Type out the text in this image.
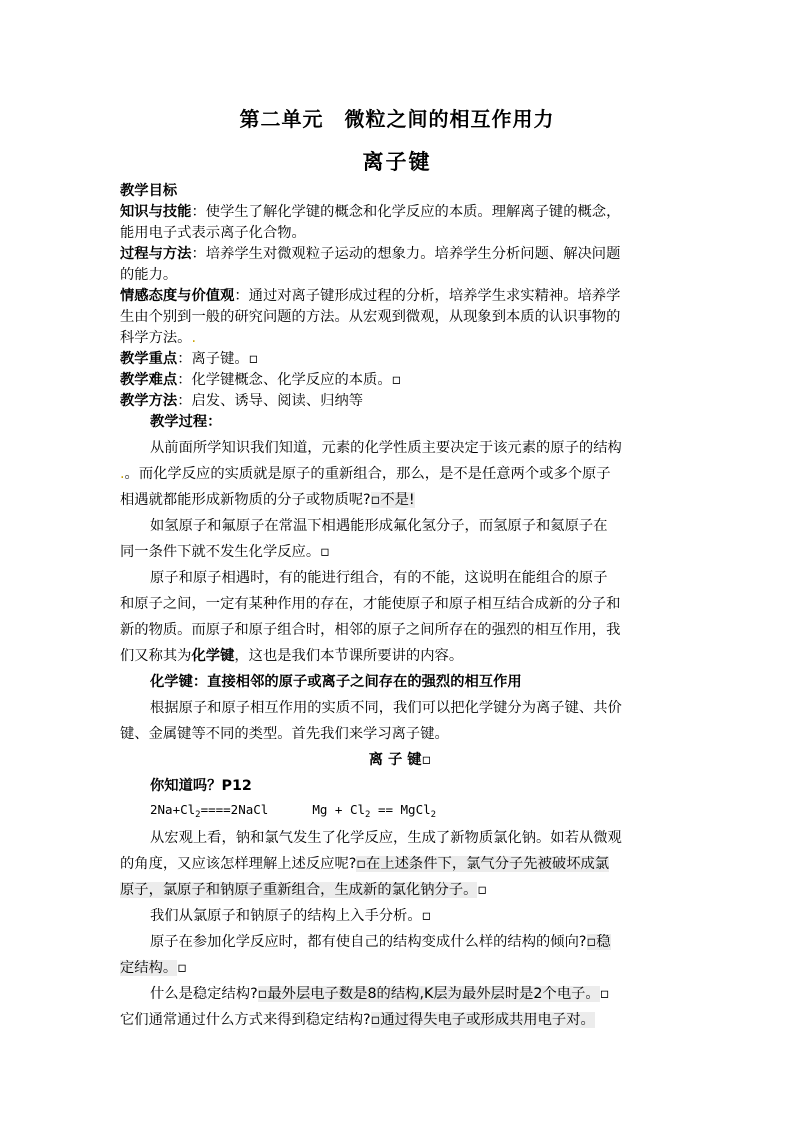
第二单元　微粒之间的相互作用力
离子键
教学目标
知识与技能：使学生了解化学键的概念和化学反应的本质。理解离子键的概念，
能用电子式表示离子化合物。
过程与方法：培养学生对微观粒子运动的想象力。培养学生分析问题、解决问题
的能力。
情感态度与价值观：通过对离子键形成过程的分析，培养学生求实精神。培养学
生由个别到一般的研究问题的方法。从宏观到微观，从现象到本质的认识事物的
科学方法。.
教学重点：离子键。▫
教学难点：化学键概念、化学反应的本质。▫
教学方法：启发、诱导、阅读、归纳等
教学过程：
从前面所学知识我们知道，元素的化学性质主要决定于该元素的原子的结构
.。而化学反应的实质就是原子的重新组合，那么，是不是任意两个或多个原子
相遇就都能形成新物质的分子或物质呢?▫不是!
如氢原子和氟原子在常温下相遇能形成氟化氢分子，而氢原子和氦原子在
同一条件下就不发生化学反应。▫
原子和原子相遇时，有的能进行组合，有的不能，这说明在能组合的原子
和原子之间，一定有某种作用的存在，才能使原子和原子相互结合成新的分子和
新的物质。而原子和原子组合时，相邻的原子之间所存在的强烈的相互作用，我
们又称其为化学键，这也是我们本节课所要讲的内容。
化学键：直接相邻的原子或离子之间存在的强烈的相互作用
根据原子和原子相互作用的实质不同，我们可以把化学键分为离子键、共价
键、金属键等不同的类型。首先我们来学习离子键。
离 子 键▫
你知道吗？P12
$2Na+Cl_2====2NaCl$	$Mg + Cl_2$ == MgCl$_2$
从宏观上看，钠和氯气发生了化学反应，生成了新物质氯化钠。如若从微观
的角度，又应该怎样理解上述反应呢?▫在上述条件下，氯气分子先被破坏成氯
原子，氯原子和钠原子重新组合，生成新的氯化钠分子。▫
我们从氯原子和钠原子的结构上入手分析。▫
原子在参加化学反应时，都有使自己的结构变成什么样的结构的倾向?▫稳
定结构。▫
什么是稳定结构?▫最外层电子数是8的结构,K层为最外层时是2个电子。▫
它们通常通过什么方式来得到稳定结构?▫通过得失电子或形成共用电子对。
